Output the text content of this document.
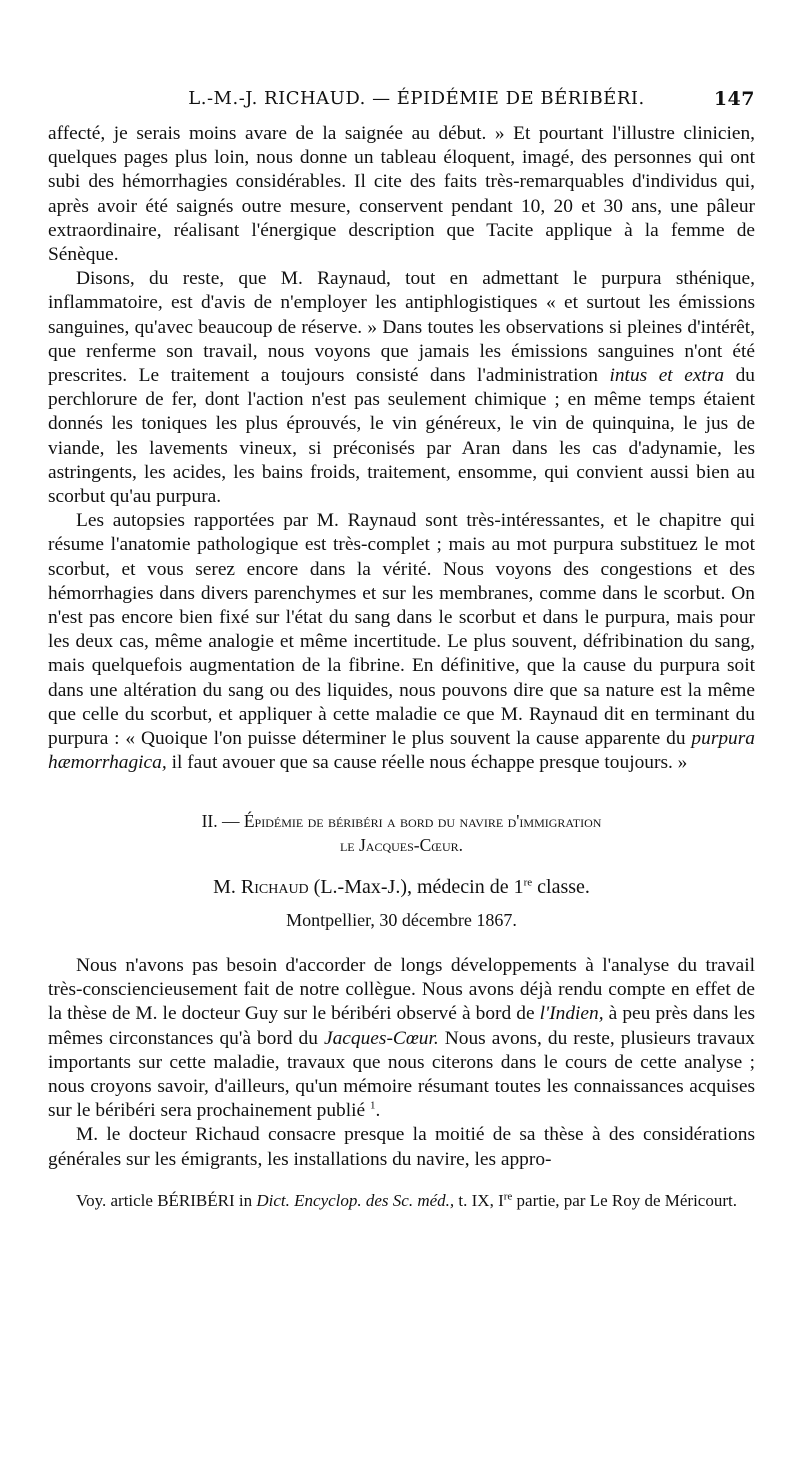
L.-M.-J. RICHAUD. — ÉPIDÉMIE DE BÉRIBÉRI.	147

affecté, je serais moins avare de la saignée au début. » Et pourtant l'illustre clinicien, quelques pages plus loin, nous donne un tableau éloquent, imagé, des personnes qui ont subi des hémorrhagies considérables. Il cite des faits très-remarquables d'individus qui, après avoir été saignés outre mesure, conservent pendant 10, 20 et 30 ans, une pâleur extraordinaire, réalisant l'énergique description que Tacite applique à la femme de Sénèque.

Disons, du reste, que M. Raynaud, tout en admettant le purpura sthénique, inflammatoire, est d'avis de n'employer les antiphlogistiques « et surtout les émissions sanguines, qu'avec beaucoup de réserve. » Dans toutes les observations si pleines d'intérêt, que renferme son travail, nous voyons que jamais les émissions sanguines n'ont été prescrites. Le traitement a toujours consisté dans l'administration intus et extra du perchlorure de fer, dont l'action n'est pas seulement chimique ; en même temps étaient donnés les toniques les plus éprouvés, le vin généreux, le vin de quinquina, le jus de viande, les lavements vineux, si préconisés par Aran dans les cas d'adynamie, les astringents, les acides, les bains froids, traitement, ensomme, qui convient aussi bien au scorbut qu'au purpura.

Les autopsies rapportées par M. Raynaud sont très-intéressantes, et le chapitre qui résume l'anatomie pathologique est très-complet ; mais au mot purpura substituez le mot scorbut, et vous serez encore dans la vérité. Nous voyons des congestions et des hémorrhagies dans divers parenchymes et sur les membranes, comme dans le scorbut. On n'est pas encore bien fixé sur l'état du sang dans le scorbut et dans le purpura, mais pour les deux cas, même analogie et même incertitude. Le plus souvent, défribination du sang, mais quelquefois augmentation de la fibrine. En définitive, que la cause du purpura soit dans une altération du sang ou des liquides, nous pouvons dire que sa nature est la même que celle du scorbut, et appliquer à cette maladie ce que M. Raynaud dit en terminant du purpura : « Quoique l'on puisse déterminer le plus souvent la cause apparente du purpura hæmorrhagica, il faut avouer que sa cause réelle nous échappe presque toujours. »

II. — Épidémie de béribéri a bord du navire d'immigration
le Jacques-Cœur.
M. Richaud (L.-Max-J.), médecin de 1re classe.
Montpellier, 30 décembre 1867.

Nous n'avons pas besoin d'accorder de longs développements à l'analyse du travail très-consciencieusement fait de notre collègue. Nous avons déjà rendu compte en effet de la thèse de M. le docteur Guy sur le béribéri observé à bord de l'Indien, à peu près dans les mêmes circonstances qu'à bord du Jacques-Cœur. Nous avons, du reste, plusieurs travaux importants sur cette maladie, travaux que nous citerons dans le cours de cette analyse ; nous croyons savoir, d'ailleurs, qu'un mémoire résumant toutes les connaissances acquises sur le béribéri sera prochainement publié $^1$.

M. le docteur Richaud consacre presque la moitié de sa thèse à des considérations générales sur les émigrants, les installations du navire, les appro-

Voy. article BÉRIBÉRI in Dict. Encyclop. des Sc. méd., t. IX, Ire partie, par Le Roy de Méricourt.
